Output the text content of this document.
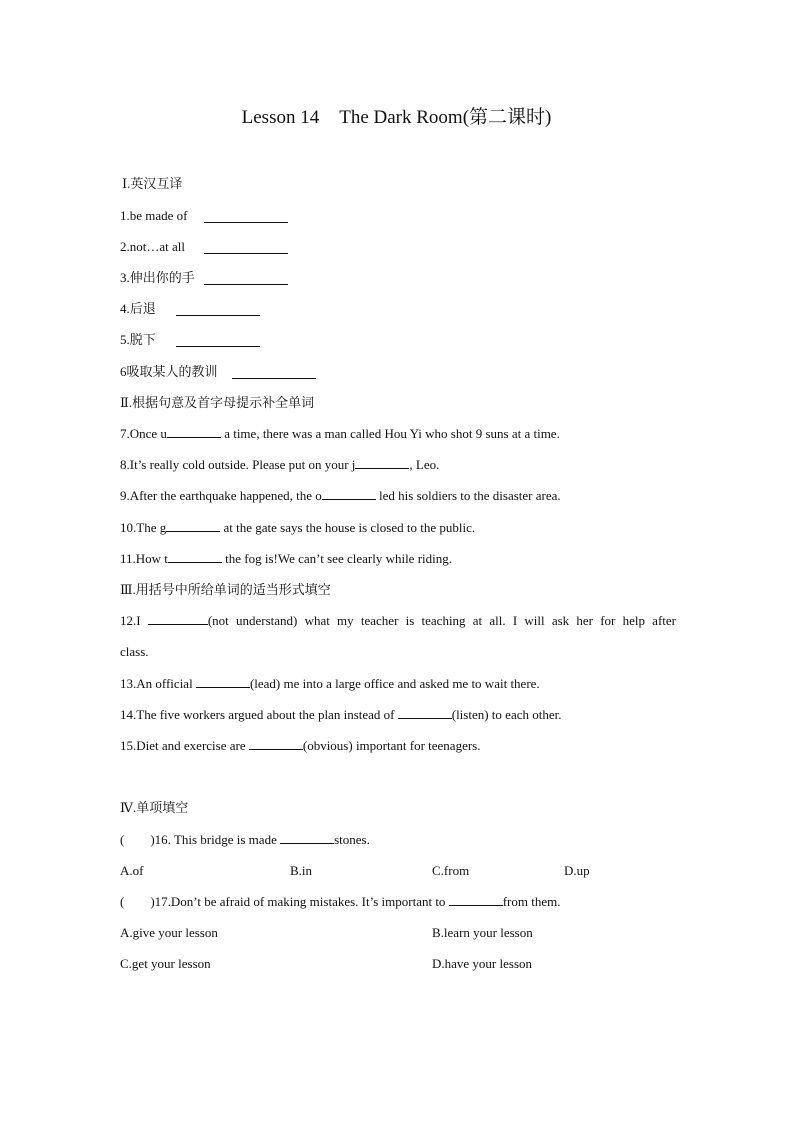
Lesson 14 The Dark Room(第二课时)
Ⅰ.英汉互译
1.be made of
2.not…at all
3.伸出你的手
4.后退
5.脱下
6吸取某人的教训
Ⅱ.根据句意及首字母提示补全单词
7.Once u	a time, there was a man called Hou Yi who shot 9 suns at a time.
8.It’s really cold outside. Please put on your j	, Leo.
9.After the earthquake happened, the o	led his soldiers to the disaster area.
10.The g	at the gate says the house is closed to the public.
11.How t	the fog is!We can’t see clearly while riding.
Ⅲ.用括号中所给单词的适当形式填空
12.I	(not understand) what my teacher is teaching at all. I will ask her for help after
class.
13.An official	(lead) me into a large office and asked me to wait there.
14.The five workers argued about the plan instead of	(listen) to each other.
15.Diet and exercise are	(obvious) important for teenagers.
Ⅳ.单项填空
( )16. This bridge is made	stones.
A.of	B.in	C.from	D.up
( )17.Don’t be afraid of making mistakes. It’s important to	from them.
A.give your lesson	B.learn your lesson
C.get your lesson	D.have your lesson
